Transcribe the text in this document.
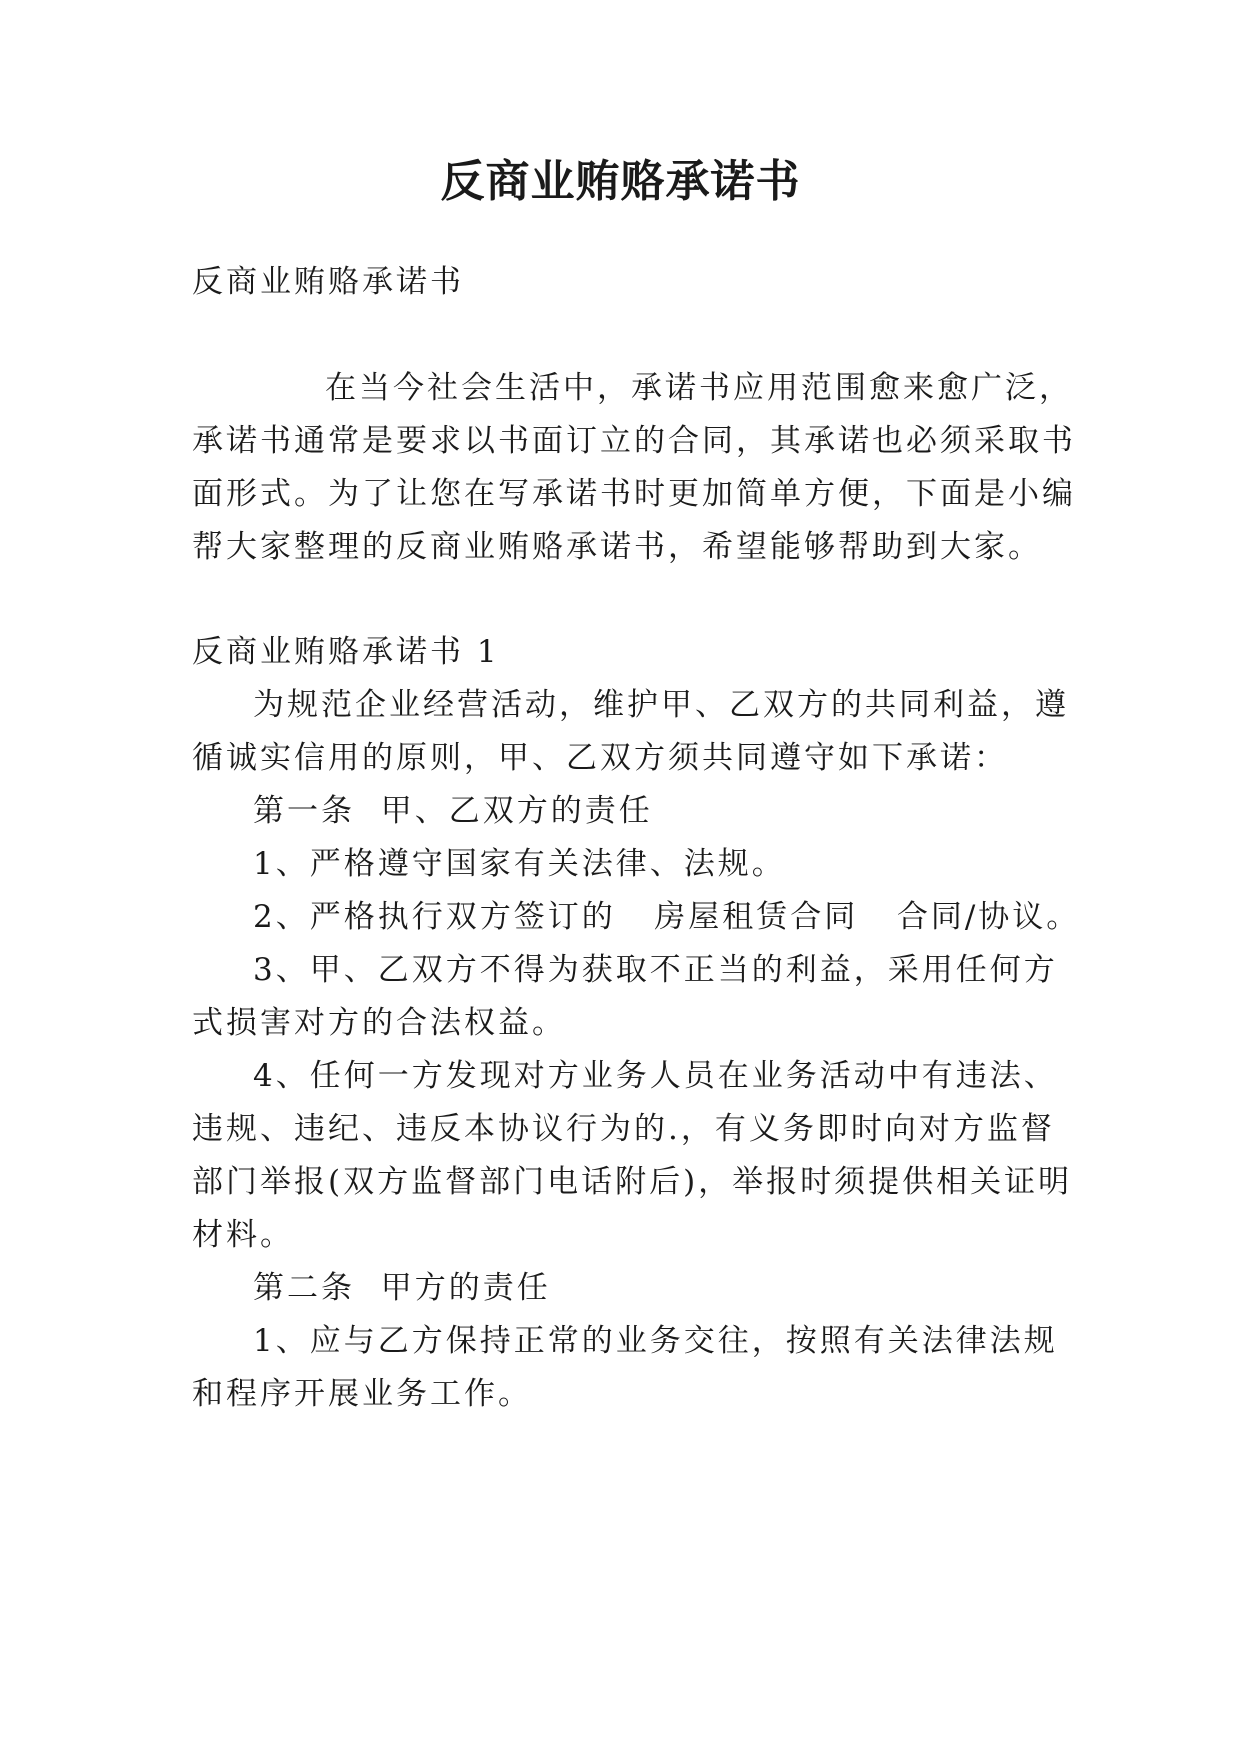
反商业贿赂承诺书
反商业贿赂承诺书
在当今社会生活中，承诺书应用范围愈来愈广泛，
承诺书通常是要求以书面订立的合同，其承诺也必须采取书
面形式。为了让您在写承诺书时更加简单方便，下面是小编
帮大家整理的反商业贿赂承诺书，希望能够帮助到大家。
反商业贿赂承诺书 1
为规范企业经营活动，维护甲、乙双方的共同利益，遵
循诚实信用的原则，甲、乙双方须共同遵守如下承诺：
第一条  甲、乙双方的责任
1、严格遵守国家有关法律、法规。
2、严格执行双方签订的   房屋租赁合同   合同/协议。
3、甲、乙双方不得为获取不正当的利益，采用任何方
式损害对方的合法权益。
4、任何一方发现对方业务人员在业务活动中有违法、
违规、违纪、违反本协议行为的.，有义务即时向对方监督
部门举报(双方监督部门电话附后)，举报时须提供相关证明
材料。
第二条  甲方的责任
1、应与乙方保持正常的业务交往，按照有关法律法规
和程序开展业务工作。
